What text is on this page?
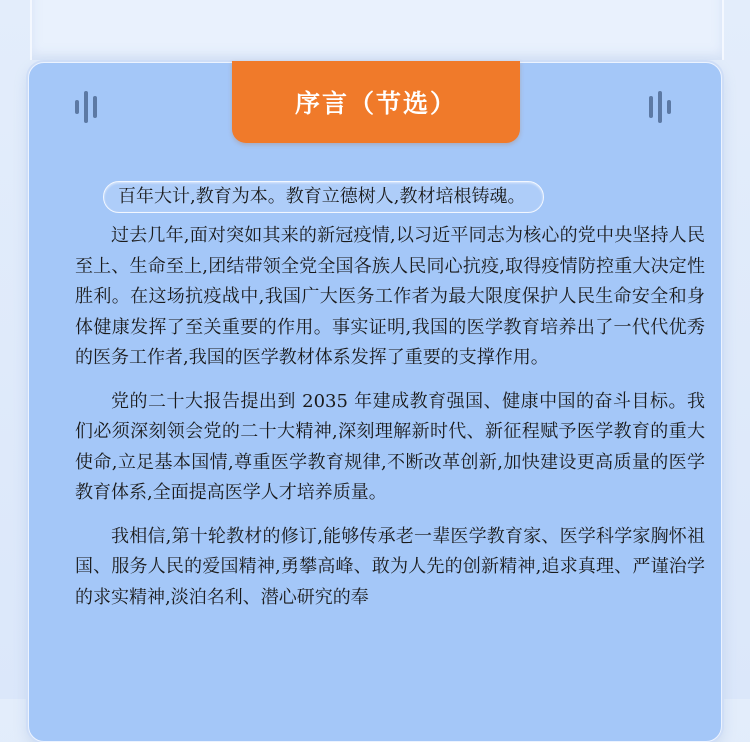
序言（节选）
百年大计,教育为本。教育立德树人,教材培根铸魂。

过去几年,面对突如其来的新冠疫情,以习近平同志为核心的党中央坚持人民至上、生命至上,团结带领全党全国各族人民同心抗疫,取得疫情防控重大决定性胜利。在这场抗疫战中,我国广大医务工作者为最大限度保护人民生命安全和身体健康发挥了至关重要的作用。事实证明,我国的医学教育培养出了一代代优秀的医务工作者,我国的医学教材体系发挥了重要的支撑作用。

党的二十大报告提出到 2035 年建成教育强国、健康中国的奋斗目标。我们必须深刻领会党的二十大精神,深刻理解新时代、新征程赋予医学教育的重大使命,立足基本国情,尊重医学教育规律,不断改革创新,加快建设更高质量的医学教育体系,全面提高医学人才培养质量。

我相信,第十轮教材的修订,能够传承老一辈医学教育家、医学科学家胸怀祖国、服务人民的爱国精神,勇攀高峰、敢为人先的创新精神,追求真理、严谨治学的求实精神,淡泊名利、潜心研究的奉
